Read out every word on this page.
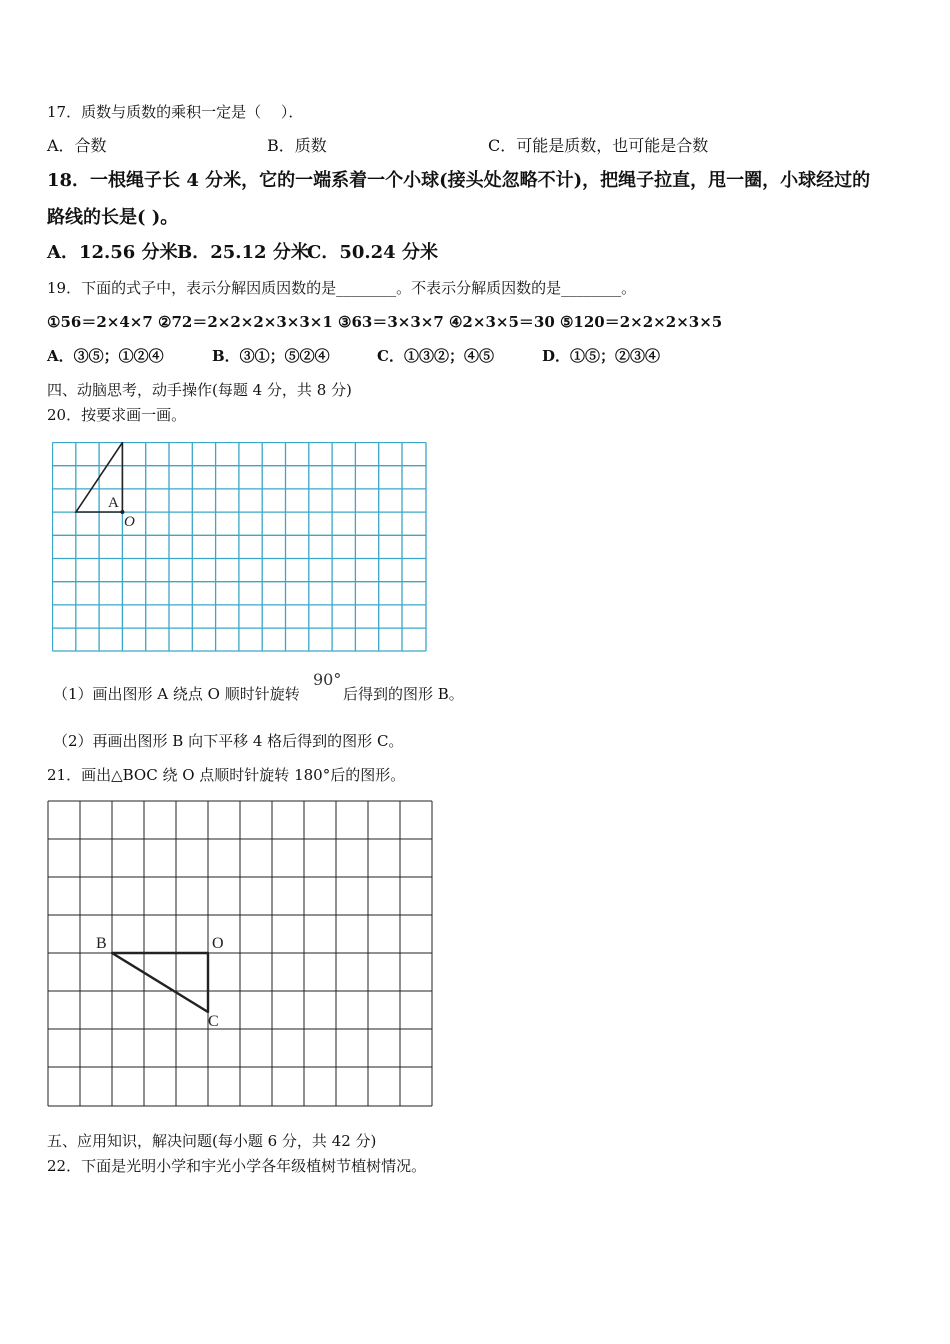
17．质数与质数的乘积一定是（　 ）．
A．合数	B．质数	C．可能是质数，也可能是合数
18．一根绳子长 4 分米，它的一端系着一个小球(接头处忽略不计)，把绳子拉直，甩一圈，小球经过的
路线的长是( )。
A．12.56 分米 B．25.12 分米
C．50.24 分米
19．下面的式子中，表示分解因质因数的是________。不表示分解质因数的是________。
①56＝2×4×7 ②72＝2×2×2×3×3×1 ③63＝3×3×7 ④2×3×5＝30 ⑤120＝2×2×2×3×5
A．③⑤；①②④	B．③①；⑤②④	C．①③②；④⑤	D．①⑤；②③④
四、动脑思考，动手操作(每题 4 分，共 8 分)
20．按要求画一画。
A
O
（1）画出图形 A 绕点 O 顺时针旋转
90°
后得到的图形 B。
（2）再画出图形 B 向下平移 4 格后得到的图形 C。
21．画出△BOC 绕 O 点顺时针旋转 180°后的图形。
B	O
C
五、应用知识，解决问题(每小题 6 分，共 42 分)
22．下面是光明小学和宇光小学各年级植树节植树情况。
